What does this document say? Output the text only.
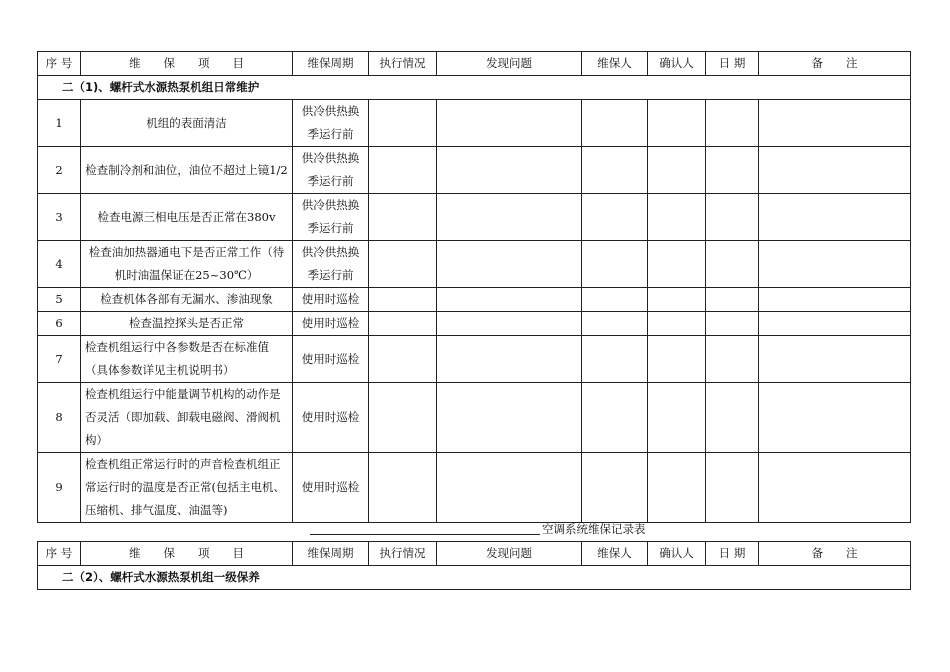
序 号	维　　保　　项　　目	维保周期	执行情况	发现问题	维保人	确认人	日 期	备　　注
二（1)、螺杆式水源热泵机组日常维护								
1	机组的表面清洁	供冷供热换季运行前						
2	检查制冷剂和油位，油位不超过上镜1/2	供冷供热换季运行前						
3	检查电源三相电压是否正常在380v	供冷供热换季运行前						
4	检查油加热器通电下是否正常工作（待机时油温保证在25~30℃）	供冷供热换季运行前						
5	检查机体各部有无漏水、渗油现象	使用时巡检						
6	检查温控探头是否正常	使用时巡检						
7	检查机组运行中各参数是否在标准值（具体参数详见主机说明书）	使用时巡检						
8	检查机组运行中能量调节机构的动作是否灵活（即加载、卸载电磁阀、滑阀机构）	使用时巡检						
9	检查机组正常运行时的声音检查机组正常运行时的温度是否正常(包括主电机、压缩机、排气温度、油温等)	使用时巡检						
空调系统维保记录表
序 号	维　　保　　项　　目	维保周期	执行情况	发现问题	维保人	确认人	日 期	备　　注
二（2）、螺杆式水源热泵机组一级保养
